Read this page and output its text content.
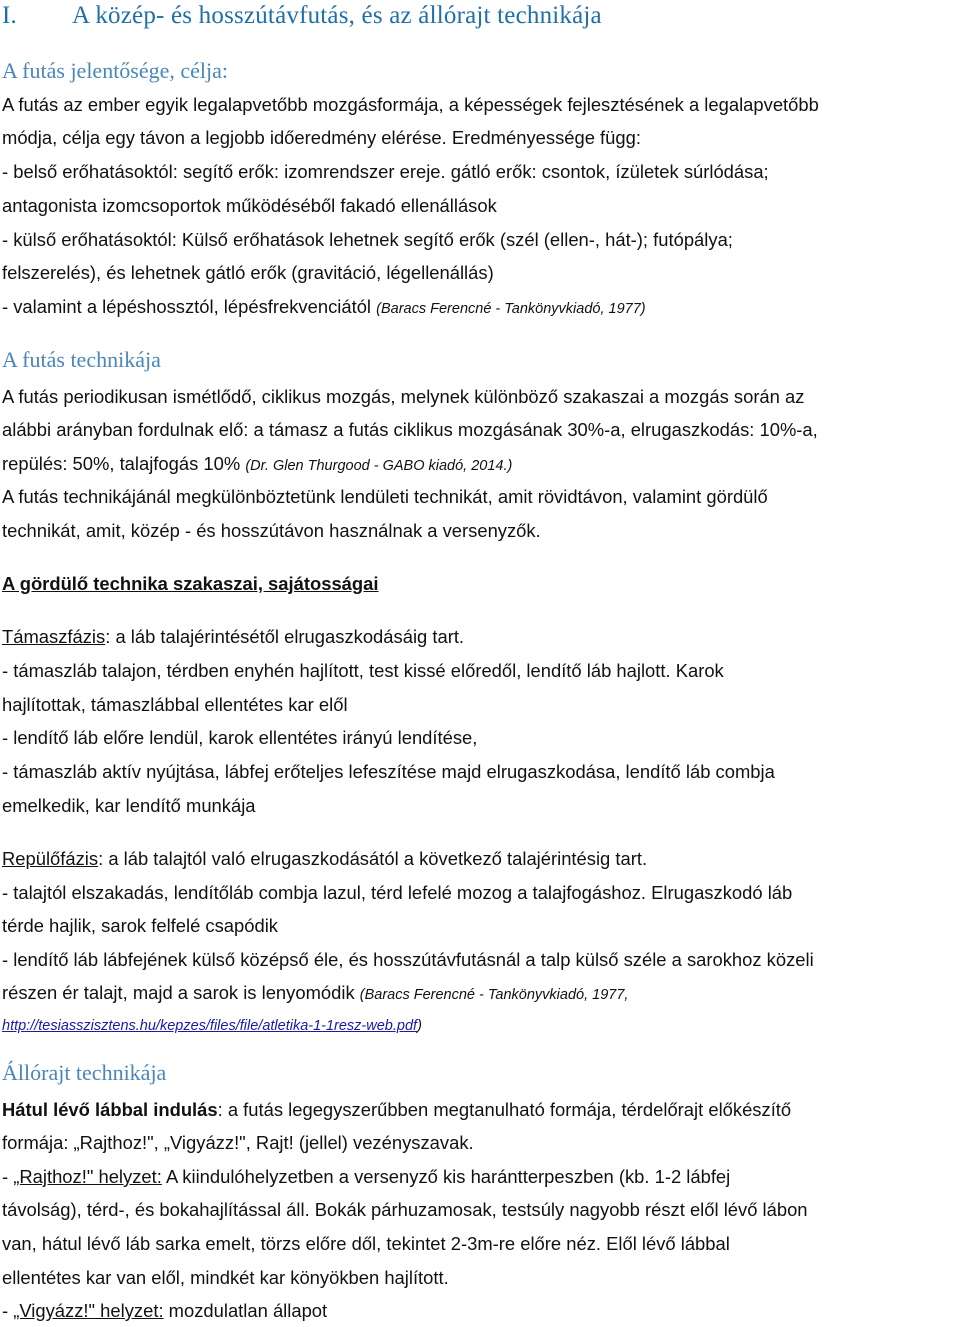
I. A közép- és hosszútávfutás, és az állórajt technikája
A futás jelentősége, célja:
A futás az ember egyik legalapvetőbb mozgásformája, a képességek fejlesztésének a legalapvetőbb
módja, célja egy távon a legjobb időeredmény elérése. Eredményessége függ:
- belső erőhatásoktól: segítő erők: izomrendszer ereje. gátló erők: csontok, ízületek súrlódása;
antagonista izomcsoportok működéséből fakadó ellenállások
- külső erőhatásoktól: Külső erőhatások lehetnek segítő erők (szél (ellen-, hát-); futópálya;
felszerelés), és lehetnek gátló erők (gravitáció, légellenállás)
- valamint a lépéshossztól, lépésfrekvenciától (Baracs Ferencné - Tankönyvkiadó, 1977)
A futás technikája
A futás periodikusan ismétlődő, ciklikus mozgás, melynek különböző szakaszai a mozgás során az
alábbi arányban fordulnak elő: a támasz a futás ciklikus mozgásának 30%-a, elrugaszkodás: 10%-a,
repülés: 50%, talajfogás 10% (Dr. Glen Thurgood - GABO kiadó, 2014.)
A futás technikájánál megkülönböztetünk lendületi technikát, amit rövidtávon, valamint gördülő
technikát, amit, közép - és hosszútávon használnak a versenyzők.
A gördülő technika szakaszai, sajátosságai
Támaszfázis: a láb talajérintésétől elrugaszkodásáig tart.
- támaszláb talajon, térdben enyhén hajlított, test kissé előredől, lendítő láb hajlott. Karok
hajlítottak, támaszlábbal ellentétes kar elől
- lendítő láb előre lendül, karok ellentétes irányú lendítése,
- támaszláb aktív nyújtása, lábfej erőteljes lefeszítése majd elrugaszkodása, lendítő láb combja
emelkedik, kar lendítő munkája
Repülőfázis: a láb talajtól való elrugaszkodásától a következő talajérintésig tart.
- talajtól elszakadás, lendítőláb combja lazul, térd lefelé mozog a talajfogáshoz. Elrugaszkodó láb
térde hajlik, sarok felfelé csapódik
- lendítő láb lábfejének külső középső éle, és hosszútávfutásnál a talp külső széle a sarokhoz közeli
részen ér talajt, majd a sarok is lenyomódik (Baracs Ferencné - Tankönyvkiadó, 1977,
http://tesiasszisztens.hu/kepzes/files/file/atletika-1-1resz-web.pdf)
Állórajt technikája
Hátul lévő lábbal indulás: a futás legegyszerűbben megtanulható formája, térdelőrajt előkészítő
formája: „Rajthoz!", „Vigyázz!", Rajt! (jellel) vezényszavak.
- „Rajthoz!" helyzet: A kiindulóhelyzetben a versenyző kis harántterpeszben (kb. 1-2 lábfej
távolság), térd-, és bokahajlítással áll. Bokák párhuzamosak, testsúly nagyobb részt elől lévő lábon
van, hátul lévő láb sarka emelt, törzs előre dől, tekintet 2-3m-re előre néz. Elől lévő lábbal
ellentétes kar van elől, mindkét kar könyökben hajlított.
- „Vigyázz!" helyzet: mozdulatlan állapot
